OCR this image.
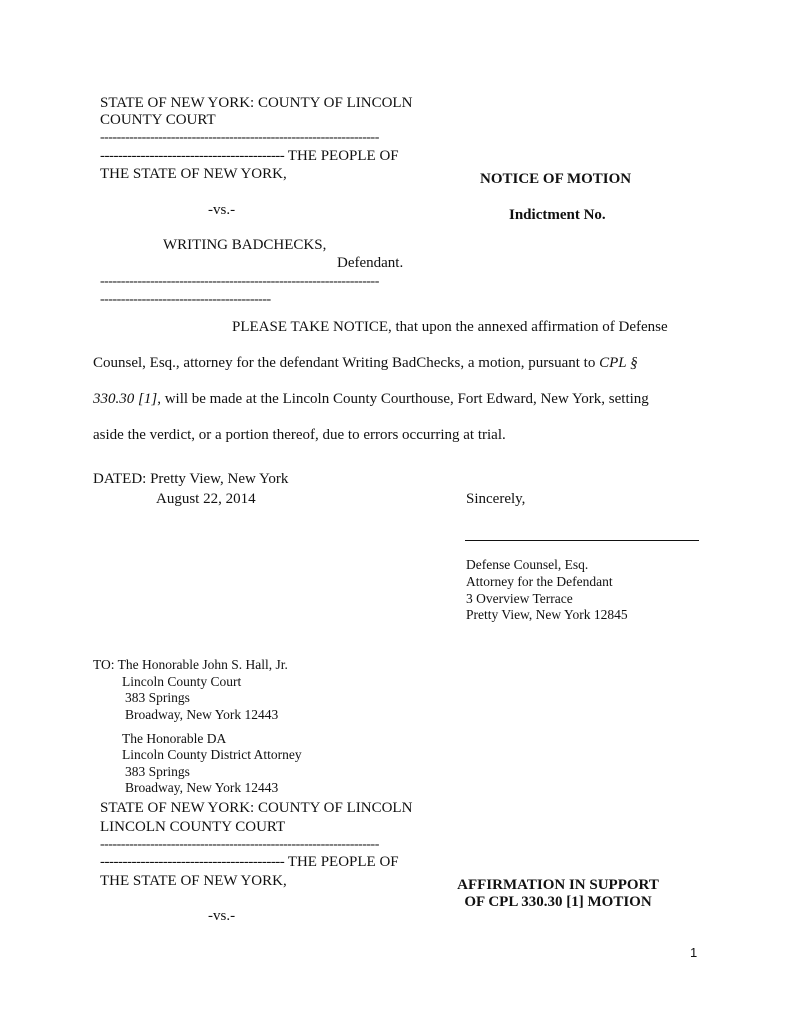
STATE OF NEW YORK: COUNTY OF LINCOLN
COUNTY COURT
-------------------------------------------------------------------
----------------------------------------- THE PEOPLE OF
THE STATE OF NEW YORK,
-vs.-
WRITING BADCHECKS,
Defendant.
-------------------------------------------------------------------
-----------------------------------------
NOTICE OF MOTION
Indictment No.
PLEASE TAKE NOTICE, that upon the annexed affirmation of Defense
Counsel, Esq., attorney for the defendant Writing BadChecks, a motion, pursuant to CPL §
330.30 [1], will be made at the Lincoln County Courthouse, Fort Edward, New York, setting
aside the verdict, or a portion thereof, due to errors occurring at trial.
DATED: Pretty View, New York
August 22, 2014	Sincerely,
Defense Counsel, Esq.
Attorney for the Defendant
3 Overview Terrace
Pretty View, New York 12845
TO: The Honorable John S. Hall, Jr.
Lincoln County Court
383 Springs
Broadway, New York 12443
The Honorable DA
Lincoln County District Attorney
383 Springs
Broadway, New York 12443
STATE OF NEW YORK: COUNTY OF LINCOLN
LINCOLN COUNTY COURT
-------------------------------------------------------------------
----------------------------------------- THE PEOPLE OF
THE STATE OF NEW YORK,
-vs.-
AFFIRMATION IN SUPPORT
OF CPL 330.30 [1] MOTION
1
